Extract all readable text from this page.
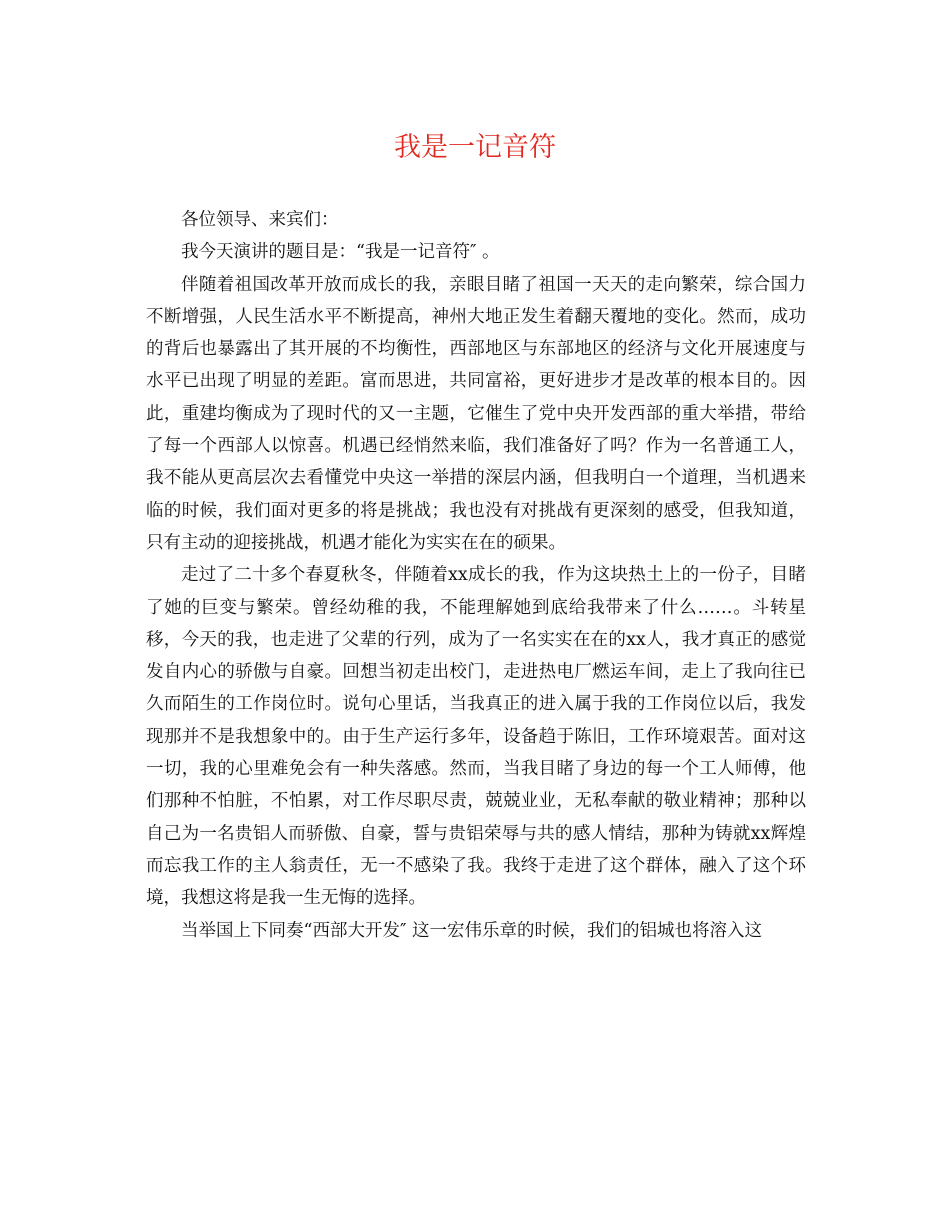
我是一记音符

各位领导、来宾们：

我今天演讲的题目是：“我是一记音符″ 。

伴随着祖国改革开放而成长的我，亲眼目睹了祖国一天天的走向繁荣，综合国力不断增强，人民生活水平不断提高，神州大地正发生着翻天覆地的变化。然而，成功的背后也暴露出了其开展的不均衡性，西部地区与东部地区的经济与文化开展速度与水平已出现了明显的差距。富而思进，共同富裕，更好进步才是改革的根本目的。因此，重建均衡成为了现时代的又一主题，它催生了党中央开发西部的重大举措，带给了每一个西部人以惊喜。机遇已经悄然来临，我们准备好了吗？作为一名普通工人，我不能从更高层次去看懂党中央这一举措的深层内涵，但我明白一个道理，当机遇来临的时候，我们面对更多的将是挑战；我也没有对挑战有更深刻的感受，但我知道，只有主动的迎接挑战，机遇才能化为实实在在的硕果。

走过了二十多个春夏秋冬，伴随着xx成长的我，作为这块热土上的一份子，目睹了她的巨变与繁荣。曾经幼稚的我，不能理解她到底给我带来了什么……。斗转星移，今天的我，也走进了父辈的行列，成为了一名实实在在的xx人，我才真正的感觉发自内心的骄傲与自豪。回想当初走出校门，走进热电厂燃运车间，走上了我向往已久而陌生的工作岗位时。说句心里话，当我真正的进入属于我的工作岗位以后，我发现那并不是我想象中的。由于生产运行多年，设备趋于陈旧，工作环境艰苦。面对这一切，我的心里难免会有一种失落感。然而，当我目睹了身边的每一个工人师傅，他们那种不怕脏，不怕累，对工作尽职尽责，兢兢业业，无私奉献的敬业精神；那种以自己为一名贵铝人而骄傲、自豪，誓与贵铝荣辱与共的感人情结，那种为铸就xx辉煌而忘我工作的主人翁责任，无一不感染了我。我终于走进了这个群体，融入了这个环境，我想这将是我一生无悔的选择。

当举国上下同奏“西部大开发″ 这一宏伟乐章的时候，我们的铝城也将溶入这
